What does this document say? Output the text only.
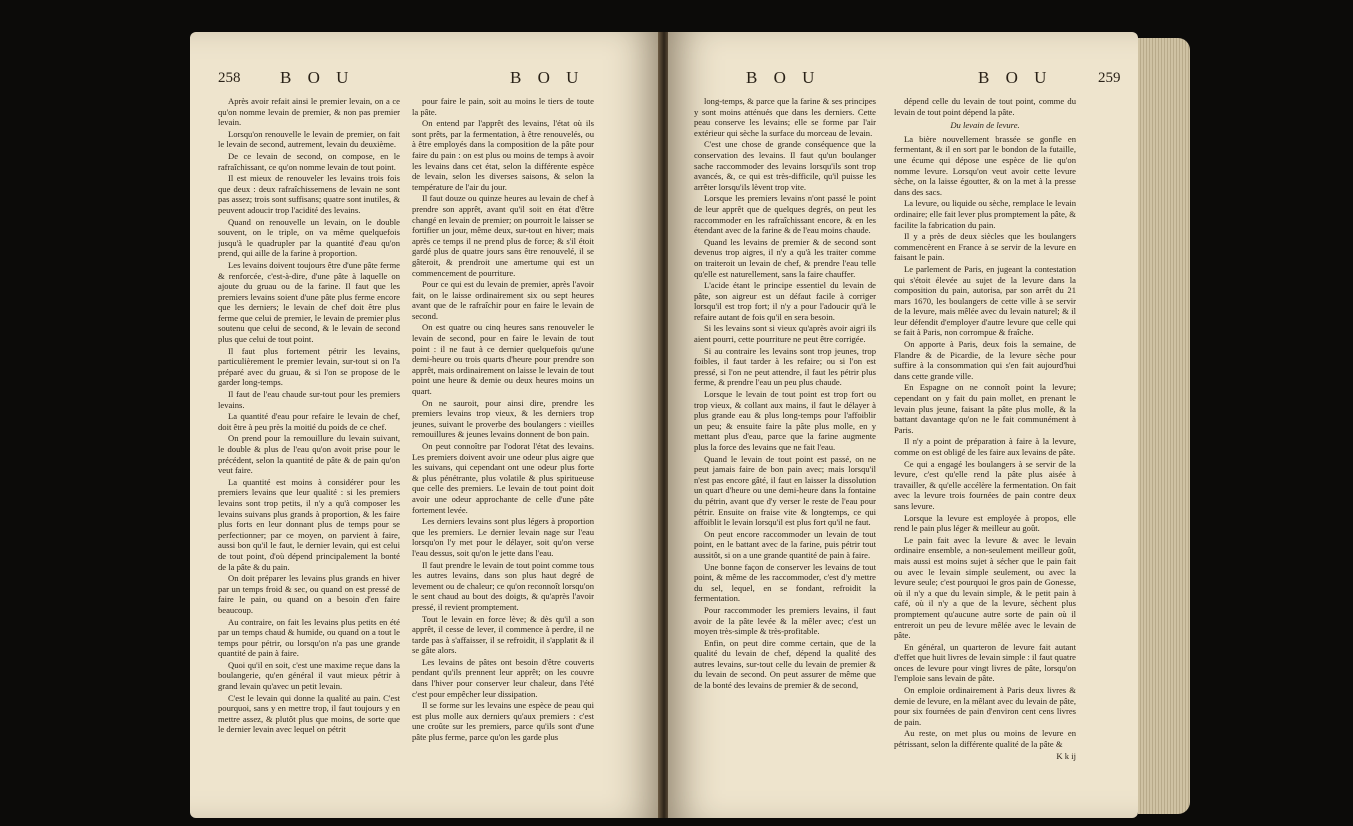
258 B O U	B O U

Après avoir refait ainsi le premier levain, on a ce qu'on nomme levain de premier, & non pas premier levain.

Lorsqu'on renouvelle le levain de premier, on fait le levain de second, autrement, levain du deuxième.

De ce levain de second, on compose, en le rafraîchissant, ce qu'on nomme levain de tout point.

Il est mieux de renouveler les levains trois fois que deux : deux rafraîchissemens de levain ne sont pas assez; trois sont suffisans; quatre sont inutiles, & peuvent adoucir trop l'acidité des levains.

Quand on renouvelle un levain, on le double souvent, on le triple, on va même quelquefois jusqu'à le quadrupler par la quantité d'eau qu'on prend, qui aille de la farine à proportion.

Les levains doivent toujours être d'une pâte ferme & renforcée, c'est-à-dire, d'une pâte à laquelle on ajoute du gruau ou de la farine. Il faut que les premiers levains soient d'une pâte plus ferme encore que les derniers; le levain de chef doit être plus ferme que celui de premier, le levain de premier plus soutenu que celui de second, & le levain de second plus que celui de tout point.

Il faut plus fortement pétrir les levains, particulièrement le premier levain, sur-tout si on l'a préparé avec du gruau, & si l'on se propose de le garder long-temps.

Il faut de l'eau chaude sur-tout pour les premiers levains.

La quantité d'eau pour refaire le levain de chef, doit être à peu près la moitié du poids de ce chef.

On prend pour la remouillure du levain suivant, le double & plus de l'eau qu'on avoit prise pour le précédent, selon la quantité de pâte & de pain qu'on veut faire.

La quantité est moins à considérer pour les premiers levains que leur qualité : si les premiers levains sont trop petits, il n'y a qu'à composer les levains suivans plus grands à proportion, & les faire plus forts en leur donnant plus de temps pour se perfectionner; par ce moyen, on parvient à faire, aussi bon qu'il le faut, le dernier levain, qui est celui de tout point, d'où dépend principalement la bonté de la pâte & du pain.

On doit préparer les levains plus grands en hiver par un temps froid & sec, ou quand on est pressé de faire le pain, ou quand on a besoin d'en faire beaucoup.

Au contraire, on fait les levains plus petits en été par un temps chaud & humide, ou quand on a tout le temps pour pétrir, ou lorsqu'on n'a pas une grande quantité de pain à faire.

Quoi qu'il en soit, c'est une maxime reçue dans la boulangerie, qu'en général il vaut mieux pétrir à grand levain qu'avec un petit levain.

C'est le levain qui donne la qualité au pain. C'est pourquoi, sans y en mettre trop, il faut toujours y en mettre assez, & plutôt plus que moins, de sorte que le dernier levain avec lequel on pétrit

pour faire le pain, soit au moins le tiers de toute la pâte.

On entend par l'apprêt des levains, l'état où ils sont prêts, par la fermentation, à être renouvelés, ou à être employés dans la composition de la pâte pour faire du pain : on est plus ou moins de temps à avoir les levains dans cet état, selon la différente espèce de levain, selon les diverses saisons, & selon la température de l'air du jour.

Il faut douze ou quinze heures au levain de chef à prendre son apprêt, avant qu'il soit en état d'être changé en levain de premier; on pourroit le laisser se fortifier un jour, même deux, sur-tout en hiver; mais après ce temps il ne prend plus de force; & s'il étoit gardé plus de quatre jours sans être renouvelé, il se gâteroit, & prendroit une amertume qui est un commencement de pourriture.

Pour ce qui est du levain de premier, après l'avoir fait, on le laisse ordinairement six ou sept heures avant que de le rafraîchir pour en faire le levain de second.

On est quatre ou cinq heures sans renouveler le levain de second, pour en faire le levain de tout point : il ne faut à ce dernier quelquefois qu'une demi-heure ou trois quarts d'heure pour prendre son apprêt, mais ordinairement on laisse le levain de tout point une heure & demie ou deux heures moins un quart.

On ne sauroit, pour ainsi dire, prendre les premiers levains trop vieux, & les derniers trop jeunes, suivant le proverbe des boulangers : vieilles remouillures & jeunes levains donnent de bon pain.

On peut connoître par l'odorat l'état des levains. Les premiers doivent avoir une odeur plus aigre que les suivans, qui cependant ont une odeur plus forte & plus pénétrante, plus volatile & plus spiritueuse que celle des premiers. Le levain de tout point doit avoir une odeur approchante de celle d'une pâte fortement levée.

Les derniers levains sont plus légers à proportion que les premiers. Le dernier levain nage sur l'eau lorsqu'on l'y met pour le délayer, soit qu'on verse l'eau dessus, soit qu'on le jette dans l'eau.

Il faut prendre le levain de tout point comme tous les autres levains, dans son plus haut degré de levement ou de chaleur; ce qu'on reconnoît lorsqu'on le sent chaud au bout des doigts, & qu'après l'avoir pressé, il revient promptement.

Tout le levain en force lève; & dès qu'il a son apprêt, il cesse de lever, il commence à perdre, il ne tarde pas à s'affaisser, il se refroidit, il s'applatit & il se gâte alors.

Les levains de pâtes ont besoin d'être couverts pendant qu'ils prennent leur apprêt; on les couvre dans l'hiver pour conserver leur chaleur, dans l'été c'est pour empêcher leur dissipation.

Il se forme sur les levains une espèce de peau qui est plus molle aux derniers qu'aux premiers : c'est une croûte sur les premiers, parce qu'ils sont d'une pâte plus ferme, parce qu'on les garde plus

B O U	B O U	259

long-temps, & parce que la farine & ses principes y sont moins atténués que dans les derniers. Cette peau conserve les levains; elle se forme par l'air extérieur qui sèche la surface du morceau de levain.

C'est une chose de grande conséquence que la conservation des levains. Il faut qu'un boulanger sache raccommoder des levains lorsqu'ils sont trop avancés, &, ce qui est très-difficile, qu'il puisse les arrêter lorsqu'ils lèvent trop vite.

Lorsque les premiers levains n'ont passé le point de leur apprêt que de quelques degrés, on peut les raccommoder en les rafraîchissant encore, & en les étendant avec de la farine & de l'eau moins chaude.

Quand les levains de premier & de second sont devenus trop aigres, il n'y a qu'à les traiter comme on traiteroit un levain de chef, & prendre l'eau telle qu'elle est naturellement, sans la faire chauffer.

L'acide étant le principe essentiel du levain de pâte, son aigreur est un défaut facile à corriger lorsqu'il est trop fort; il n'y a pour l'adoucir qu'à le refaire autant de fois qu'il en sera besoin.

Si les levains sont si vieux qu'après avoir aigri ils aient pourri, cette pourriture ne peut être corrigée.

Si au contraire les levains sont trop jeunes, trop foibles, il faut tarder à les refaire; ou si l'on est pressé, si l'on ne peut attendre, il faut les pétrir plus ferme, & prendre l'eau un peu plus chaude.

Lorsque le levain de tout point est trop fort ou trop vieux, & collant aux mains, il faut le délayer à plus grande eau & plus long-temps pour l'affoiblir un peu; & ensuite faire la pâte plus molle, en y mettant plus d'eau, parce que la farine augmente plus la force des levains que ne fait l'eau.

Quand le levain de tout point est passé, on ne peut jamais faire de bon pain avec; mais lorsqu'il n'est pas encore gâté, il faut en laisser la dissolution un quart d'heure ou une demi-heure dans la fontaine du pétrin, avant que d'y verser le reste de l'eau pour pétrir. Ensuite on fraise vite & longtemps, ce qui affoiblit le levain lorsqu'il est plus fort qu'il ne faut.

On peut encore raccommoder un levain de tout point, en le battant avec de la farine, puis pétrir tout aussitôt, si on a une grande quantité de pain à faire.

Une bonne façon de conserver les levains de tout point, & même de les raccommoder, c'est d'y mettre du sel, lequel, en se fondant, refroidit la fermentation.

Pour raccommoder les premiers levains, il faut avoir de la pâte levée & la mêler avec; c'est un moyen très-simple & très-profitable.

Enfin, on peut dire comme certain, que de la qualité du levain de chef, dépend la qualité des autres levains, sur-tout celle du levain de premier & du levain de second. On peut assurer de même que de la bonté des levains de premier & de second,

dépend celle du levain de tout point, comme du levain de tout point dépend la pâte.

Du levain de levure.

La bière nouvellement brassée se gonfle en fermentant, & il en sort par le bondon de la futaille, une écume qui dépose une espèce de lie qu'on nomme levure. Lorsqu'on veut avoir cette levure sèche, on la laisse égoutter, & on la met à la presse dans des sacs.

La levure, ou liquide ou sèche, remplace le levain ordinaire; elle fait lever plus promptement la pâte, & facilite la fabrication du pain.

Il y a près de deux siècles que les boulangers commencèrent en France à se servir de la levure en faisant le pain.

Le parlement de Paris, en jugeant la contestation qui s'étoit élevée au sujet de la levure dans la composition du pain, autorisa, par son arrêt du 21 mars 1670, les boulangers de cette ville à se servir de la levure, mais mêlée avec du levain naturel; & il leur défendit d'employer d'autre levure que celle qui se fait à Paris, non corrompue & fraîche.

On apporte à Paris, deux fois la semaine, de Flandre & de Picardie, de la levure sèche pour suffire à la consommation qui s'en fait aujourd'hui dans cette grande ville.

En Espagne on ne connoît point la levure; cependant on y fait du pain mollet, en prenant le levain plus jeune, faisant la pâte plus molle, & la battant davantage qu'on ne le fait communément à Paris.

Il n'y a point de préparation à faire à la levure, comme on est obligé de les faire aux levains de pâte.

Ce qui a engagé les boulangers à se servir de la levure, c'est qu'elle rend la pâte plus aisée à travailler, & qu'elle accélère la fermentation. On fait avec la levure trois fournées de pain contre deux sans levure.

Lorsque la levure est employée à propos, elle rend le pain plus léger & meilleur au goût.

Le pain fait avec la levure & avec le levain ordinaire ensemble, a non-seulement meilleur goût, mais aussi est moins sujet à sécher que le pain fait ou avec le levain simple seulement, ou avec la levure seule; c'est pourquoi le gros pain de Gonesse, où il n'y a que du levain simple, & le petit pain à café, où il n'y a que de la levure, sèchent plus promptement qu'aucune autre sorte de pain où il entreroit un peu de levure mêlée avec le levain de pâte.

En général, un quarteron de levure fait autant d'effet que huit livres de levain simple : il faut quatre onces de levure pour vingt livres de pâte, lorsqu'on l'emploie sans levain de pâte.

On emploie ordinairement à Paris deux livres & demie de levure, en la mêlant avec du levain de pâte, pour six fournées de pain d'environ cent cens livres de pain.

Au reste, on met plus ou moins de levure en pétrissant, selon la différente qualité de la pâte &

K k ij
